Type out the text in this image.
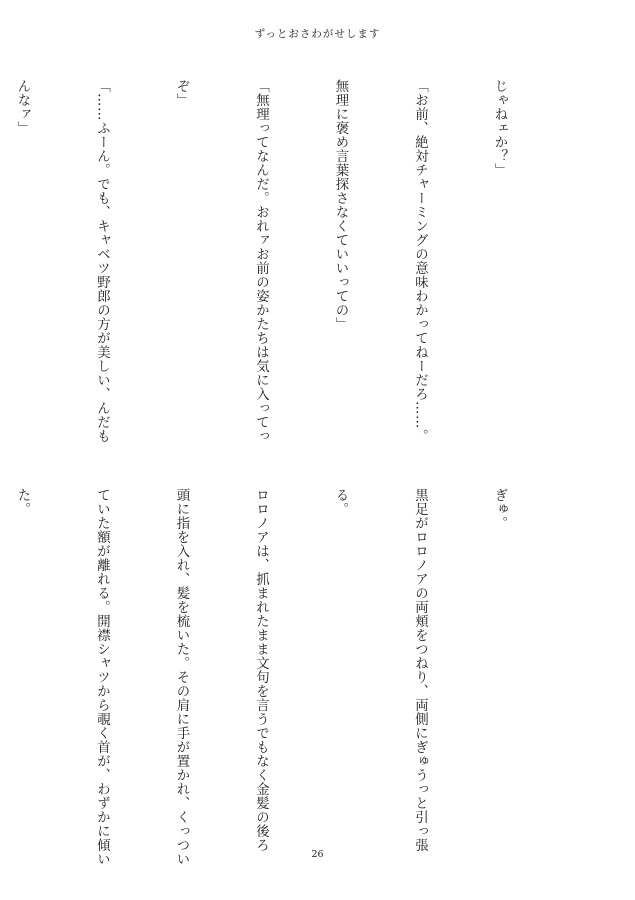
ずっとおさわがせします

じゃねェか？」

「お前、絶対チャーミングの意味わかってねーだろ……。

無理に褒め言葉探さなくていいっての」

「無理ってなんだ。おれァお前の姿かたちは気に入ってっ

ぞ」

「……ふーん。でも、キャベツ野郎の方が美しい、んだも

んなァ」

ぎゅ。

黒足がロロノアの両頬をつねり、両側にぎゅうっと引っ張

る。

ロロノアは、抓まれたまま文句を言うでもなく金髪の後ろ

頭に指を入れ、髪を梳いた。その肩に手が置かれ、くっつい

ていた額が離れる。開襟シャツから覗く首が、わずかに傾い

た。

26
